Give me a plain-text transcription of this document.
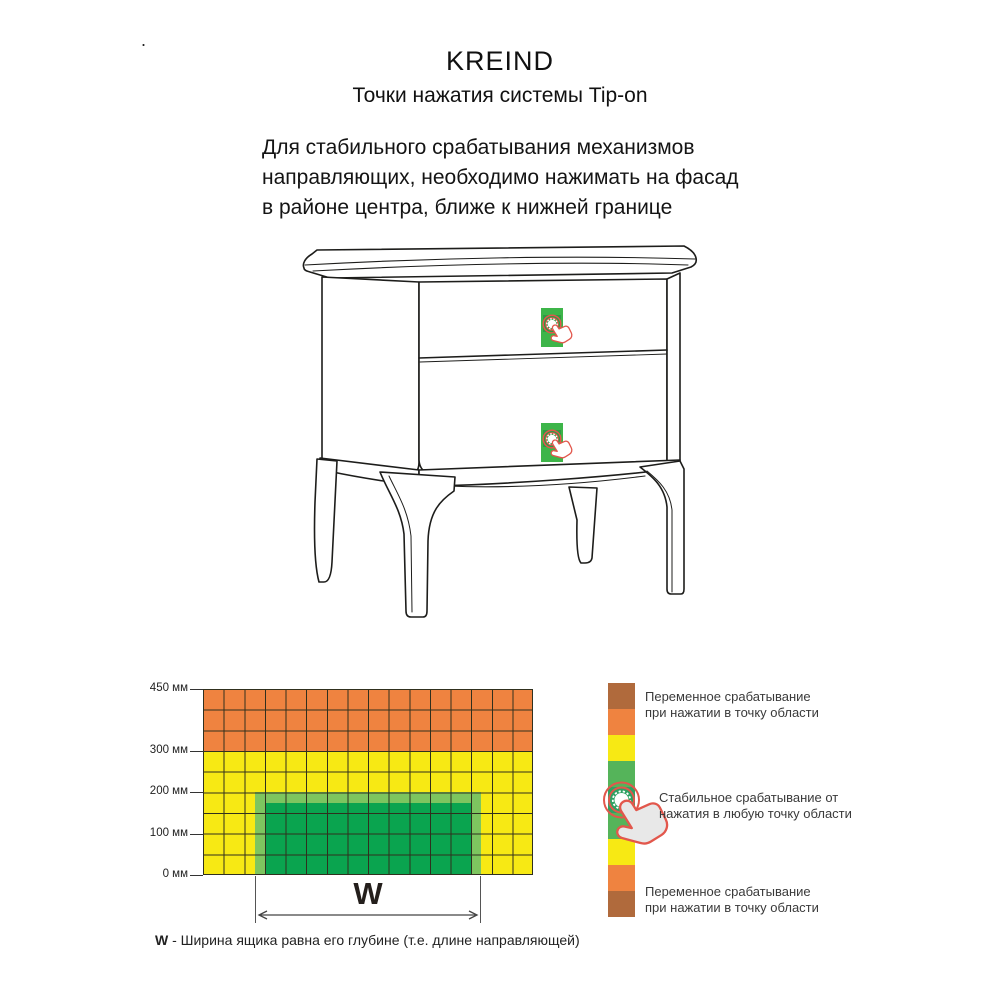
.
KREIND
Точки нажатия системы Tip-on
Для стабильного срабатывания механизмов
направляющих, необходимо нажимать на фасад
в районе центра, ближе к нижней границе
450 мм
300 мм
200 мм
100 мм
0 мм
W
W - Ширина ящика равна его глубине (т.е. длине направляющей)
Переменное срабатывание
при нажатии в точку области
Стабильное срабатывание от
нажатия в любую точку области
Переменное срабатывание
при нажатии в точку области
